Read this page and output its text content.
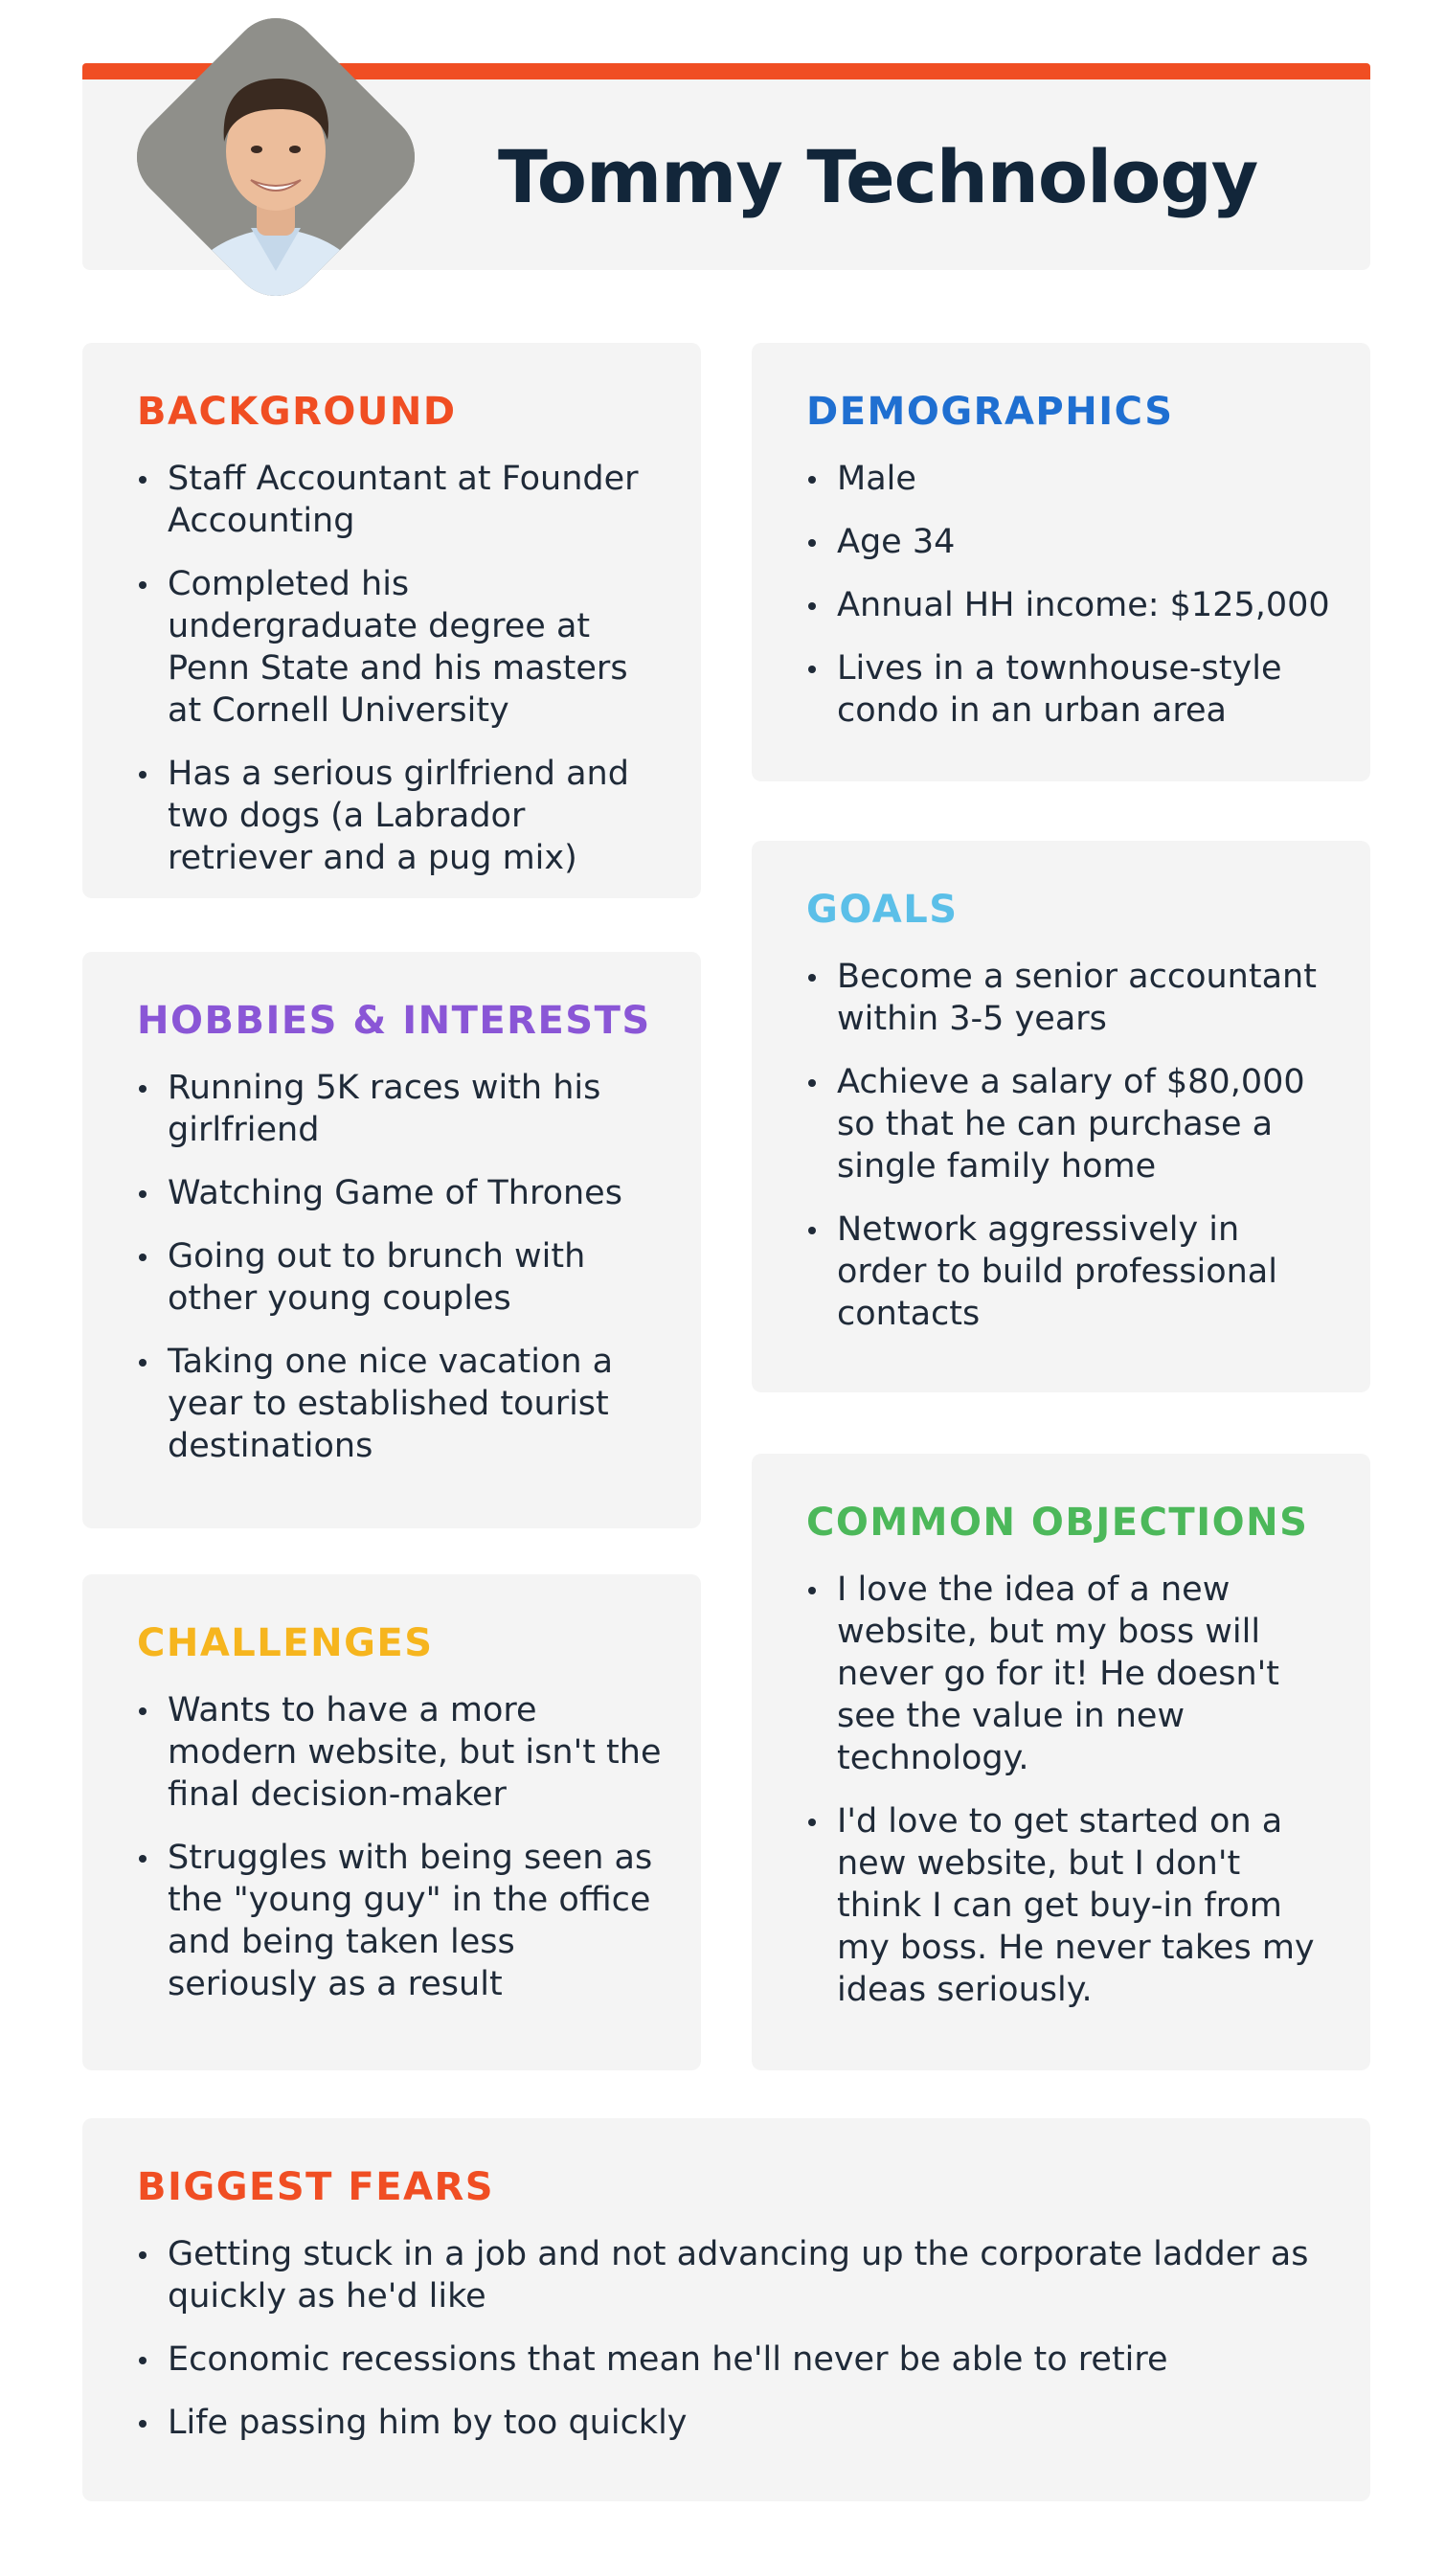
Tommy Technology
BACKGROUND
Staff Accountant at Founder Accounting
Completed his undergraduate degree at Penn State and his masters at Cornell University
Has a serious girlfriend and two dogs (a Labrador retriever and a pug mix)
DEMOGRAPHICS
Male
Age 34
Annual HH income: $125,000
Lives in a townhouse-style condo in an urban area
GOALS
Become a senior accountant within 3-5 years
Achieve a salary of $80,000 so that he can purchase a single family home
Network aggressively in order to build professional contacts
HOBBIES & INTERESTS
Running 5K races with his girlfriend
Watching Game of Thrones
Going out to brunch with other young couples
Taking one nice vacation a year to established tourist destinations
COMMON OBJECTIONS
I love the idea of a new website, but my boss will never go for it! He doesn't see the value in new technology.
I'd love to get started on a new website, but I don't think I can get buy-in from my boss. He never takes my ideas seriously.
CHALLENGES
Wants to have a more modern website, but isn't the final decision-maker
Struggles with being seen as the "young guy" in the office and being taken less seriously as a result
BIGGEST FEARS
Getting stuck in a job and not advancing up the corporate ladder as quickly as he'd like
Economic recessions that mean he'll never be able to retire
Life passing him by too quickly
